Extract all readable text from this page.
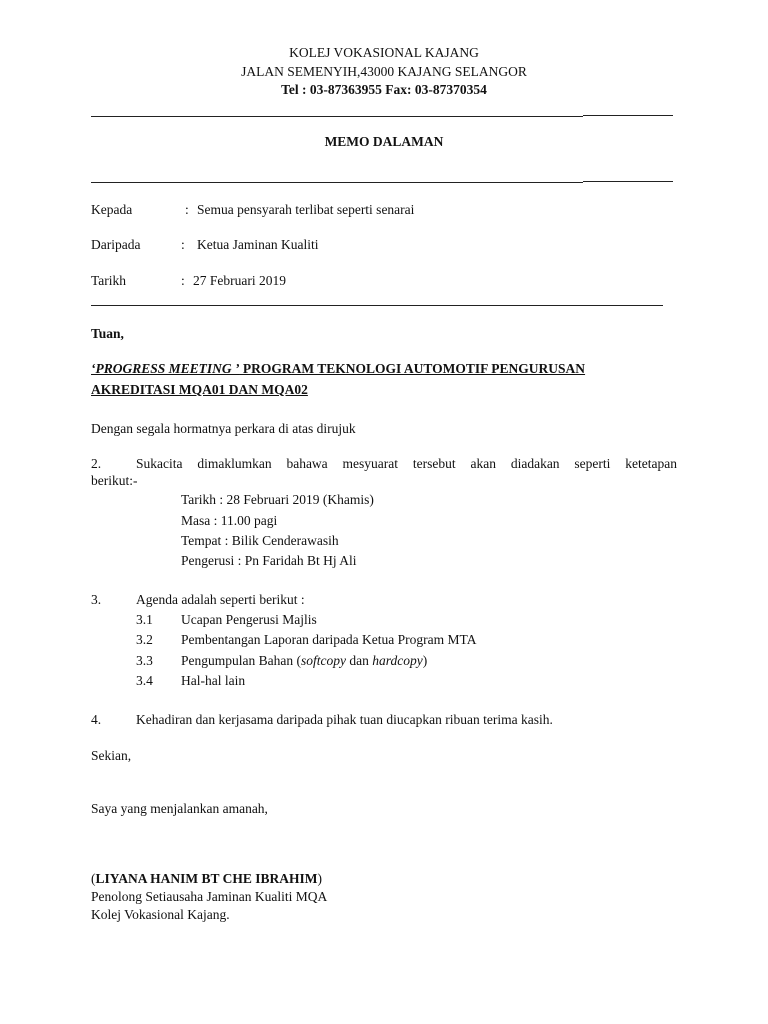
KOLEJ VOKASIONAL KAJANG
JALAN SEMENYIH,43000 KAJANG SELANGOR
Tel : 03-87363955 Fax: 03-87370354
MEMO DALAMAN
Kepada	: Semua pensyarah terlibat seperti senarai
Daripada	: Ketua Jaminan Kualiti
Tarikh	: 27 Februari 2019
Tuan,
‘PROGRESS MEETING ’ PROGRAM TEKNOLOGI AUTOMOTIF PENGURUSAN
AKREDITASI MQA01 DAN MQA02
Dengan segala hormatnya perkara di atas dirujuk
2.	Sukacita dimaklumkan bahawa mesyuarat tersebut akan diadakan seperti ketetapan
berikut:-
Tarikh : 28 Februari 2019 (Khamis)
Masa : 11.00 pagi
Tempat : Bilik Cenderawasih
Pengerusi : Pn Faridah Bt Hj Ali
3.	Agenda adalah seperti berikut :
3.1 Ucapan Pengerusi Majlis
3.2 Pembentangan Laporan daripada Ketua Program MTA
3.3 Pengumpulan Bahan (softcopy dan hardcopy)
3.4 Hal-hal lain
4.	Kehadiran dan kerjasama daripada pihak tuan diucapkan ribuan terima kasih.
Sekian,
Saya yang menjalankan amanah,
(LIYANA HANIM BT CHE IBRAHIM)
Penolong Setiausaha Jaminan Kualiti MQA
Kolej Vokasional Kajang.
